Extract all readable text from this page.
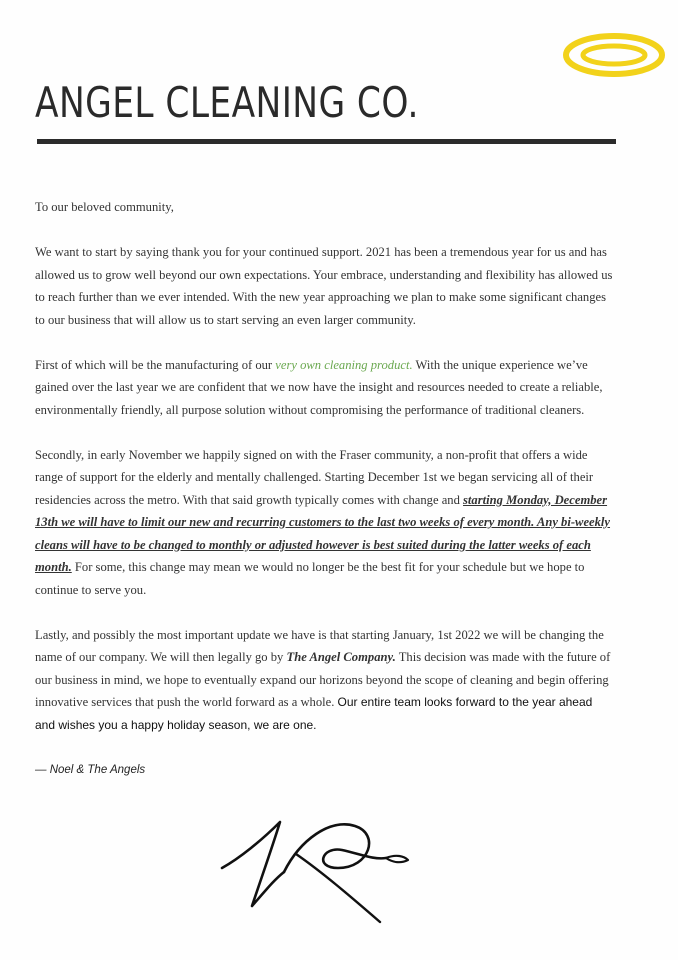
ANGEL CLEANING CO.

To our beloved community,

We want to start by saying thank you for your continued support. 2021 has been a tremendous year for us and has allowed us to grow well beyond our own expectations. Your embrace, understanding and flexibility has allowed us to reach further than we ever intended. With the new year approaching we plan to make some significant changes to our business that will allow us to start serving an even larger community.

First of which will be the manufacturing of our very own cleaning product. With the unique experience we’ve gained over the last year we are confident that we now have the insight and resources needed to create a reliable, environmentally friendly, all purpose solution without compromising the performance of traditional cleaners.

Secondly, in early November we happily signed on with the Fraser community, a non-profit that offers a wide range of support for the elderly and mentally challenged. Starting December 1st we began servicing all of their residencies across the metro. With that said growth typically comes with change and starting Monday, December 13th we will have to limit our new and recurring customers to the last two weeks of every month. Any bi-weekly cleans will have to be changed to monthly or adjusted however is best suited during the latter weeks of each month. For some, this change may mean we would no longer be the best fit for your schedule but we hope to continue to serve you.

Lastly, and possibly the most important update we have is that starting January, 1st 2022 we will be changing the name of our company. We will then legally go by The Angel Company. This decision was made with the future of our business in mind, we hope to eventually expand our horizons beyond the scope of cleaning and begin offering innovative services that push the world forward as a whole. Our entire team looks forward to the year ahead and wishes you a happy holiday season, we are one.

— Noel & The Angels
